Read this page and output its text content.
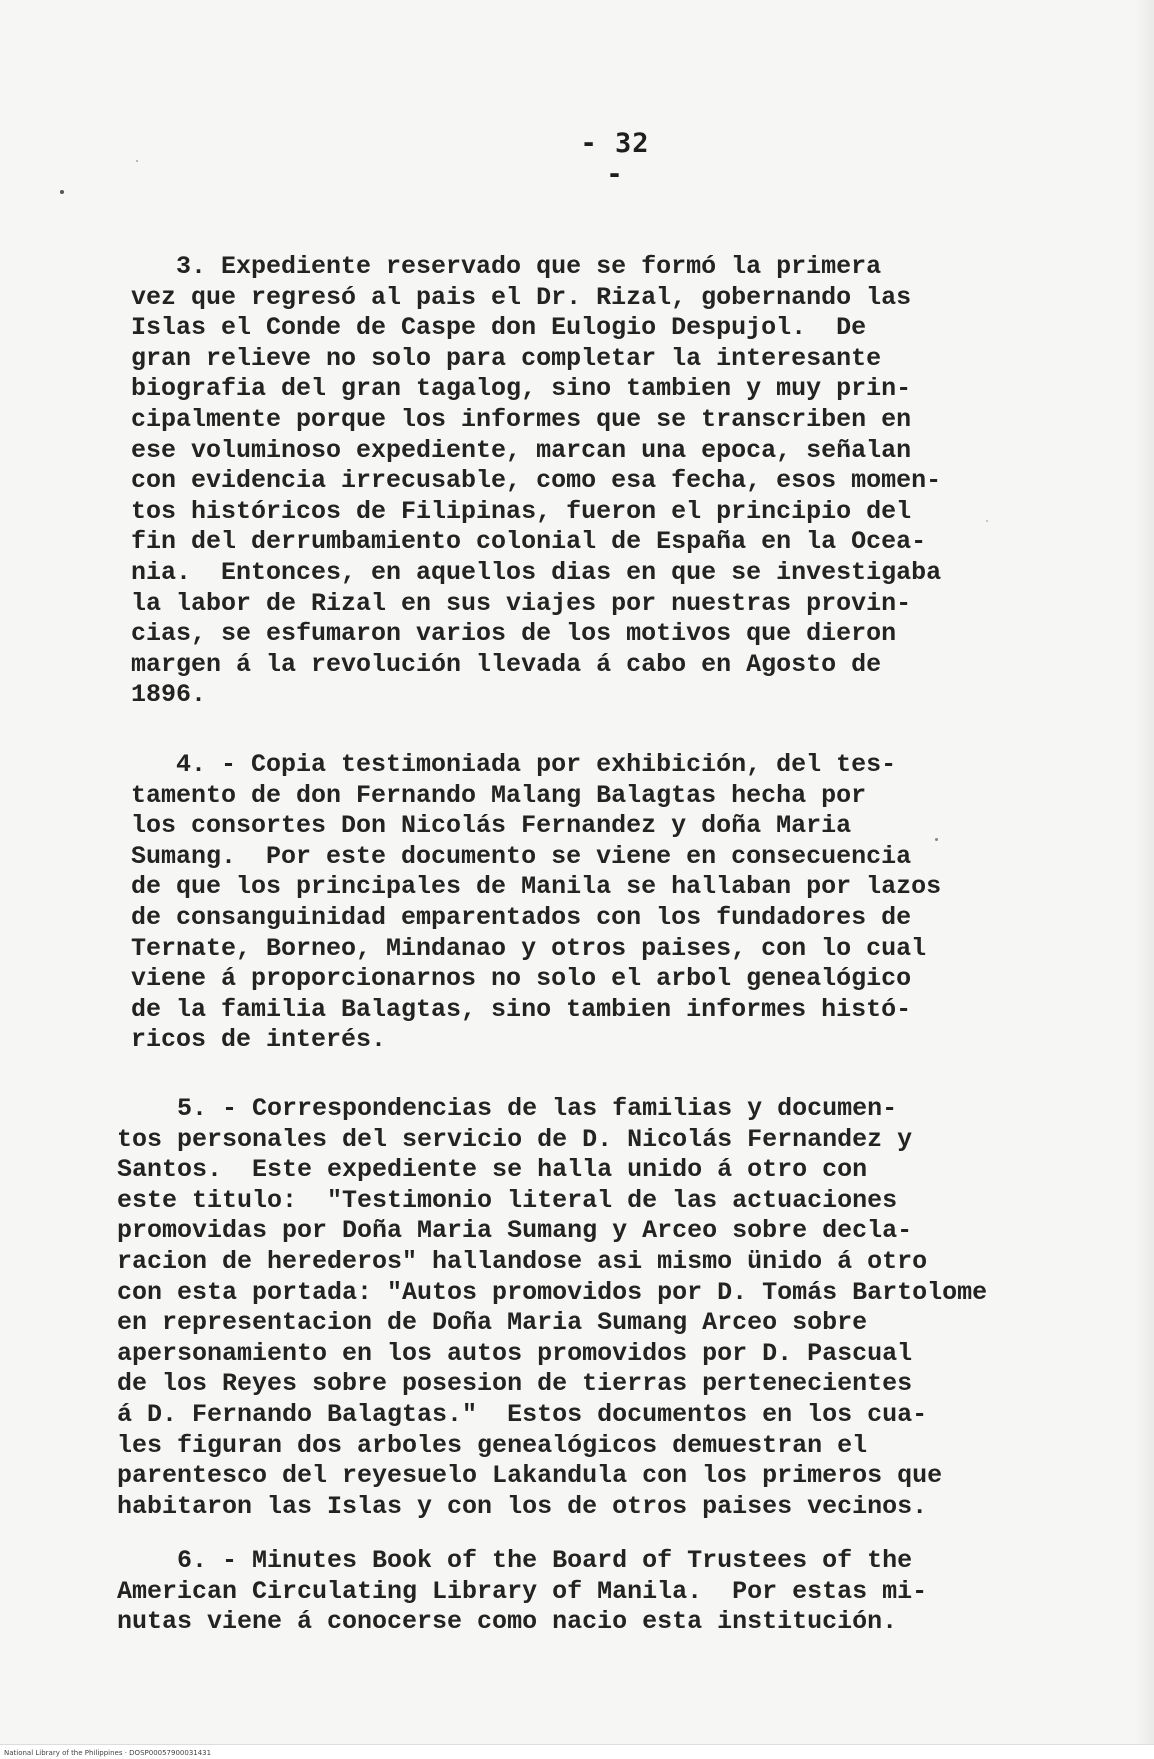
- 32 -
3. Expediente reservado que se formó la primera
vez que regresó al pais el Dr. Rizal, gobernando las
Islas el Conde de Caspe don Eulogio Despujol.  De
gran relieve no solo para completar la interesante
biografia del gran tagalog, sino tambien y muy prin-
cipalmente porque los informes que se transcriben en
ese voluminoso expediente, marcan una epoca, señalan
con evidencia irrecusable, como esa fecha, esos momen-
tos históricos de Filipinas, fueron el principio del
fin del derrumbamiento colonial de España en la Ocea-
nia.  Entonces, en aquellos dias en que se investigaba
la labor de Rizal en sus viajes por nuestras provin-
cias, se esfumaron varios de los motivos que dieron
margen á la revolución llevada á cabo en Agosto de
1896.
4. - Copia testimoniada por exhibición, del tes-
tamento de don Fernando Malang Balagtas hecha por
los consortes Don Nicolás Fernandez y doña Maria
Sumang.  Por este documento se viene en consecuencia
de que los principales de Manila se hallaban por lazos
de consanguinidad emparentados con los fundadores de
Ternate, Borneo, Mindanao y otros paises, con lo cual
viene á proporcionarnos no solo el arbol genealógico
de la familia Balagtas, sino tambien informes histó-
ricos de interés.
5. - Correspondencias de las familias y documen-
tos personales del servicio de D. Nicolás Fernandez y
Santos.  Este expediente se halla unido á otro con
este titulo:  "Testimonio literal de las actuaciones
promovidas por Doña Maria Sumang y Arceo sobre decla-
racion de herederos" hallandose asi mismo ünido á otro
con esta portada: "Autos promovidos por D. Tomás Bartolome
en representacion de Doña Maria Sumang Arceo sobre
apersonamiento en los autos promovidos por D. Pascual
de los Reyes sobre posesion de tierras pertenecientes
á D. Fernando Balagtas."  Estos documentos en los cua-
les figuran dos arboles genealógicos demuestran el
parentesco del reyesuelo Lakandula con los primeros que
habitaron las Islas y con los de otros paises vecinos.
6. - Minutes Book of the Board of Trustees of the
American Circulating Library of Manila.  Por estas mi-
nutas viene á conocerse como nacio esta institución.
National Library of the Philippines · DOSP00057900031431
